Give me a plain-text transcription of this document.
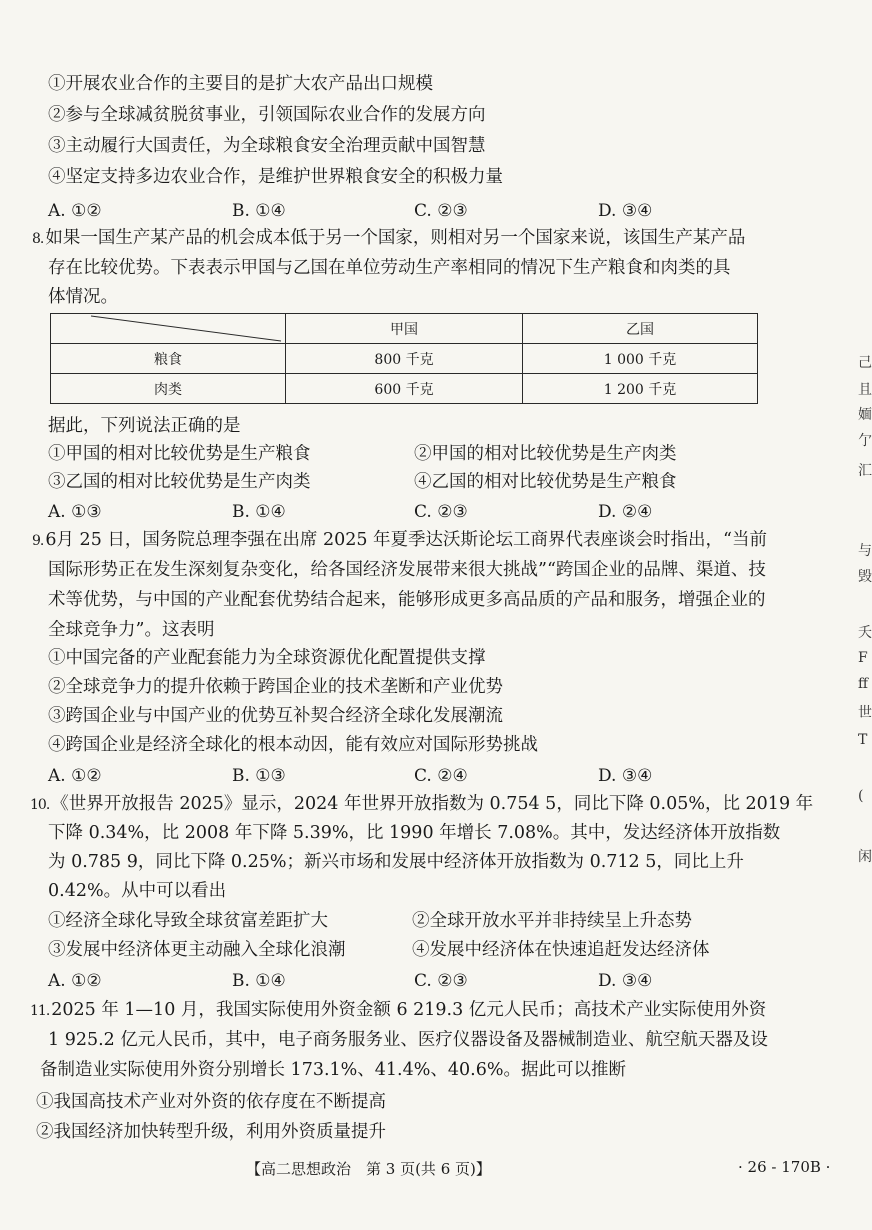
①开展农业合作的主要目的是扩大农产品出口规模
②参与全球减贫脱贫事业，引领国际农业合作的发展方向
③主动履行大国责任，为全球粮食安全治理贡献中国智慧
④坚定支持多边农业合作，是维护世界粮食安全的积极力量
A. ①②	B. ①④	C. ②③	D. ③④
8. 如果一国生产某产品的机会成本低于另一个国家，则相对另一个国家来说，该国生产某产品
存在比较优势。下表表示甲国与乙国在单位劳动生产率相同的情况下生产粮食和肉类的具
体情况。
	甲国	乙国
粮食	800 千克	1 000 千克
肉类	600 千克	1 200 千克
据此，下列说法正确的是
①甲国的相对比较优势是生产粮食	②甲国的相对比较优势是生产肉类
③乙国的相对比较优势是生产肉类	④乙国的相对比较优势是生产粮食
A. ①③	B. ①④	C. ②③	D. ②④
9. 6月 25 日，国务院总理李强在出席 2025 年夏季达沃斯论坛工商界代表座谈会时指出，“当前
国际形势正在发生深刻复杂变化，给各国经济发展带来很大挑战”“跨国企业的品牌、渠道、技
术等优势，与中国的产业配套优势结合起来，能够形成更多高品质的产品和服务，增强企业的
全球竞争力”。这表明
①中国完备的产业配套能力为全球资源优化配置提供支撑
②全球竞争力的提升依赖于跨国企业的技术垄断和产业优势
③跨国企业与中国产业的优势互补契合经济全球化发展潮流
④跨国企业是经济全球化的根本动因，能有效应对国际形势挑战
A. ①②	B. ①③	C. ②④	D. ③④
10. 《世界开放报告 2025》显示，2024 年世界开放指数为 0.754 5，同比下降 0.05%，比 2019 年
下降 0.34%，比 2008 年下降 5.39%，比 1990 年增长 7.08%。其中，发达经济体开放指数
为 0.785 9，同比下降 0.25%；新兴市场和发展中经济体开放指数为 0.712 5，同比上升
0.42%。从中可以看出
①经济全球化导致全球贫富差距扩大	②全球开放水平并非持续呈上升态势
③发展中经济体更主动融入全球化浪潮	④发展中经济体在快速追赶发达经济体
A. ①②	B. ①④	C. ②③	D. ③④
11. 2025 年 1—10 月，我国实际使用外资金额 6 219.3 亿元人民币；高技术产业实际使用外资
1 925.2 亿元人民币，其中，电子商务服务业、医疗仪器设备及器械制造业、航空航天器及设
备制造业实际使用外资分别增长 173.1%、41.4%、40.6%。据此可以推断
①我国高技术产业对外资的依存度在不断提高
②我国经济加快转型升级，利用外资质量提升
【高二思想政治　第 3 页(共 6 页)】	· 26 - 170B ·
己
且
媔
亇
汇
与
毁
夭
F
ff
世
T
(
闲
